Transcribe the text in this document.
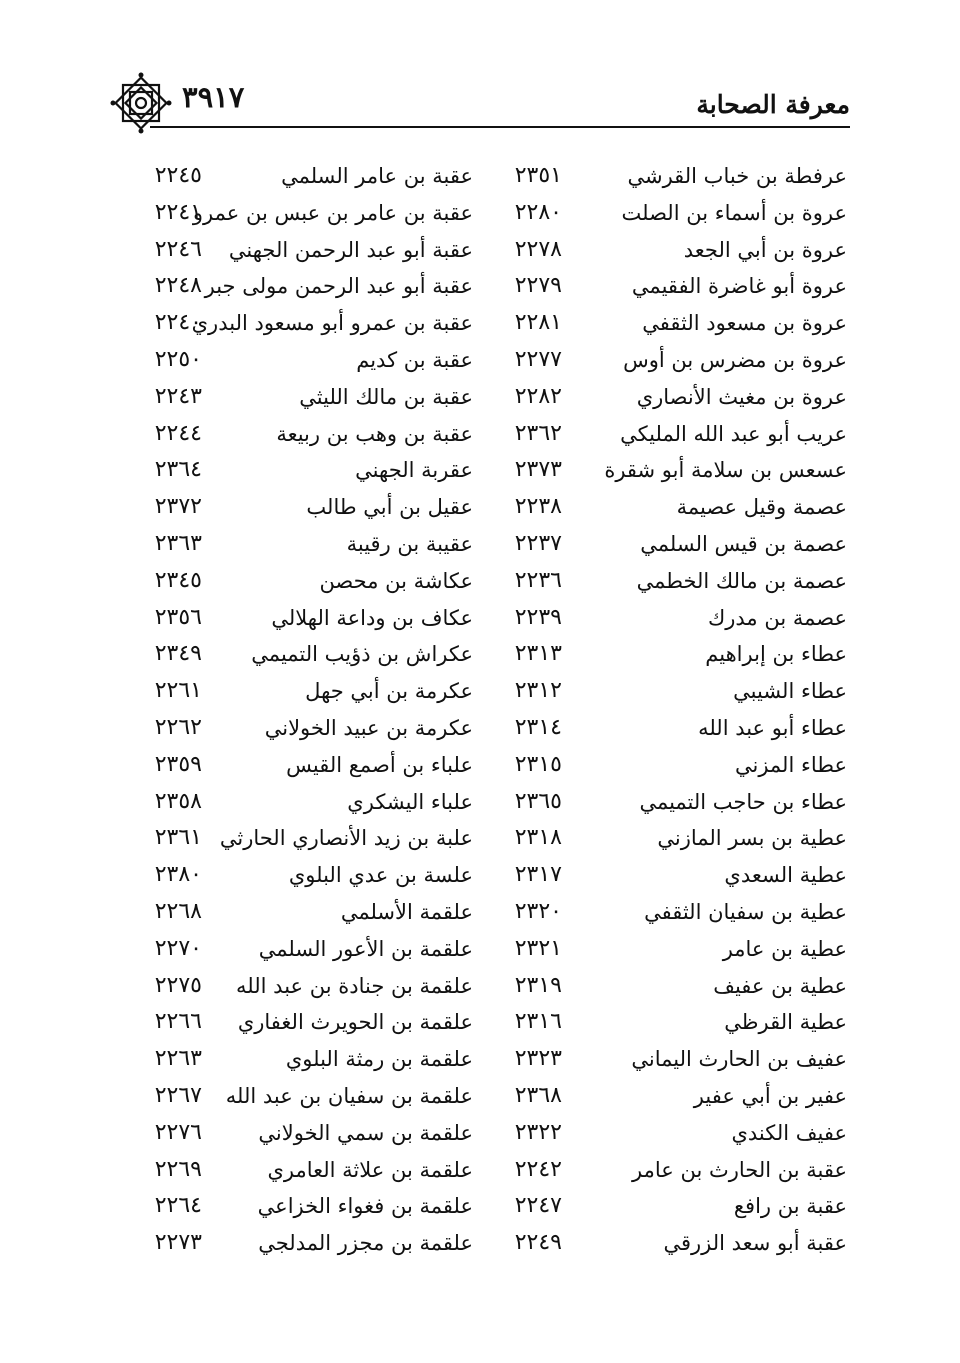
٣٩١٧	معرفة الصحابة
عرفطة بن خباب القرشي
٢٣٥١
عقبة بن عامر السلمي
٢٢٤٥
عروة بن أسماء بن الصلت
٢٢٨٠
عقبة بن عامر بن عبس بن عمرو
٢٢٤١
عروة بن أبي الجعد
٢٢٧٨
عقبة أبو عبد الرحمن الجهني
٢٢٤٦
عروة أبو غاضرة الفقيمي
٢٢٧٩
عقبة أبو عبد الرحمن مولى جبر
٢٢٤٨
عروة بن مسعود الثقفي
٢٢٨١
عقبة بن عمرو أبو مسعود البدري
٢٢٤٠
عروة بن مضرس بن أوس
٢٢٧٧
عقبة بن كديم
٢٢٥٠
عروة بن مغيث الأنصاري
٢٢٨٢
عقبة بن مالك الليثي
٢٢٤٣
عريب أبو عبد الله المليكي
٢٣٦٢
عقبة بن وهب بن ربيعة
٢٢٤٤
عسعس بن سلامة أبو شقرة
٢٣٧٣
عقربة الجهني
٢٣٦٤
عصمة وقيل عصيمة
٢٢٣٨
عقيل بن أبي طالب
٢٣٧٢
عصمة بن قيس السلمي
٢٢٣٧
عقيبة بن رقيبة
٢٣٦٣
عصمة بن مالك الخطمي
٢٢٣٦
عكاشة بن محصن
٢٣٤٥
عصمة بن مدرك
٢٢٣٩
عكاف بن وداعة الهلالي
٢٣٥٦
عطاء بن إبراهيم
٢٣١٣
عكراش بن ذؤيب التميمي
٢٣٤٩
عطاء الشيبي
٢٣١٢
عكرمة بن أبي جهل
٢٢٦١
عطاء أبو عبد الله
٢٣١٤
عكرمة بن عبيد الخولاني
٢٢٦٢
عطاء المزني
٢٣١٥
علباء بن أصمع القيس
٢٣٥٩
عطاء بن حاجب التميمي
٢٣٦٥
علباء اليشكري
٢٣٥٨
عطية بن بسر المازني
٢٣١٨
علبة بن زيد الأنصاري الحارثي
٢٣٦١
عطية السعدي
٢٣١٧
علسة بن عدي البلوي
٢٣٨٠
عطية بن سفيان الثقفي
٢٣٢٠
علقمة الأسلمي
٢٢٦٨
عطية بن عامر
٢٣٢١
علقمة بن الأعور السلمي
٢٢٧٠
عطية بن عفيف
٢٣١٩
علقمة بن جنادة بن عبد الله
٢٢٧٥
عطية القرظي
٢٣١٦
علقمة بن الحويرث الغفاري
٢٢٦٦
عفيف بن الحارث اليماني
٢٣٢٣
علقمة بن رمثة البلوي
٢٢٦٣
عفير بن أبي عفير
٢٣٦٨
علقمة بن سفيان بن عبد الله
٢٢٦٧
عفيف الكندي
٢٣٢٢
علقمة بن سمي الخولاني
٢٢٧٦
عقبة بن الحارث بن عامر
٢٢٤٢
علقمة بن علاثة العامري
٢٢٦٩
عقبة بن رافع
٢٢٤٧
علقمة بن فغواء الخزاعي
٢٢٦٤
عقبة أبو سعد الزرقي
٢٢٤٩
علقمة بن مجزر المدلجي
٢٢٧٣
